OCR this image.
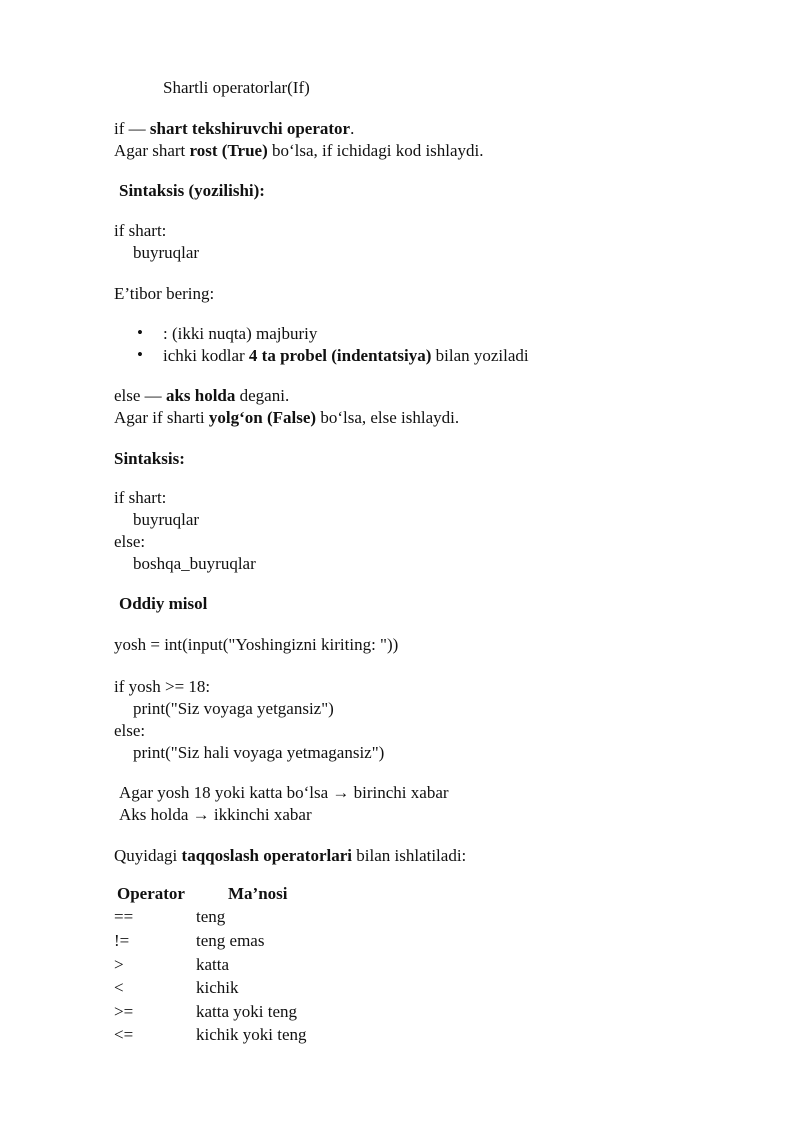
Shartli operatorlar(If)
if — shart tekshiruvchi operator.
Agar shart rost (True) bo‘lsa, if ichidagi kod ishlaydi.
Sintaksis (yozilishi):
if shart:
buyruqlar
E’tibor bering:
• : (ikki nuqta) majburiy
• ichki kodlar 4 ta probel (indentatsiya) bilan yoziladi
else — aks holda degani.
Agar if sharti yolg‘on (False) bo‘lsa, else ishlaydi.
Sintaksis:
if shart:
buyruqlar
else:
boshqa_buyruqlar
Oddiy misol
yosh = int(input("Yoshingizni kiriting: "))
if yosh >= 18:
print("Siz voyaga yetgansiz")
else:
print("Siz hali voyaga yetmagansiz")
Agar yosh 18 yoki katta bo‘lsa → birinchi xabar
Aks holda → ikkinchi xabar
Quyidagi taqqoslash operatorlari bilan ishlatiladi:
Operator	Ma’nosi
==	teng
!=	teng emas
>	katta
<	kichik
>=	katta yoki teng
<=	kichik yoki teng
